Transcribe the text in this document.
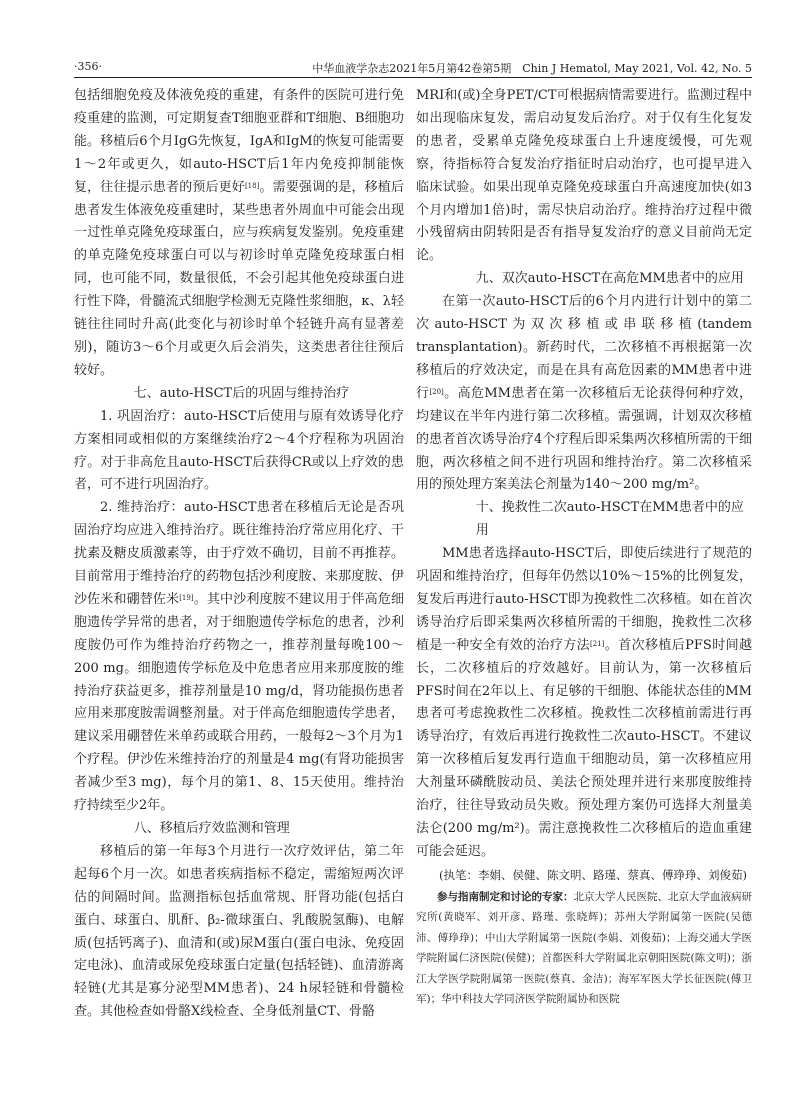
·356·	中华血液学杂志2021年5月第42卷第5期　Chin J Hematol, May 2021, Vol. 42, No. 5

包括细胞免疫及体液免疫的重建，有条件的医院可进行免疫重建的监测，可定期复查T细胞亚群和T细胞、B细胞功能。移植后6个月IgG先恢复，IgA和IgM的恢复可能需要1～2年或更久，如auto-HSCT后1年内免疫抑制能恢复，往往提示患者的预后更好[18]。需要强调的是，移植后患者发生体液免疫重建时，某些患者外周血中可能会出现一过性单克隆免疫球蛋白，应与疾病复发鉴别。免疫重建的单克隆免疫球蛋白可以与初诊时单克隆免疫球蛋白相同，也可能不同，数量很低，不会引起其他免疫球蛋白进行性下降，骨髓流式细胞学检测无克隆性浆细胞，κ、λ轻链往往同时升高(此变化与初诊时单个轻链升高有显著差别)，随访3～6个月或更久后会消失，这类患者往往预后较好。

七、auto-HSCT后的巩固与维持治疗

1. 巩固治疗：auto-HSCT后使用与原有效诱导化疗方案相同或相似的方案继续治疗2～4个疗程称为巩固治疗。对于非高危且auto-HSCT后获得CR或以上疗效的患者，可不进行巩固治疗。

2. 维持治疗：auto-HSCT患者在移植后无论是否巩固治疗均应进入维持治疗。既往维持治疗常应用化疗、干扰素及糖皮质激素等，由于疗效不确切，目前不再推荐。目前常用于维持治疗的药物包括沙利度胺、来那度胺、伊沙佐米和硼替佐米[19]。其中沙利度胺不建议用于伴高危细胞遗传学异常的患者，对于细胞遗传学标危的患者，沙利度胺仍可作为维持治疗药物之一，推荐剂量每晚100～200 mg。细胞遗传学标危及中危患者应用来那度胺的维持治疗获益更多，推荐剂量是10 mg/d，肾功能损伤患者应用来那度胺需调整剂量。对于伴高危细胞遗传学患者，建议采用硼替佐米单药或联合用药，一般每2～3个月为1个疗程。伊沙佐米维持治疗的剂量是4 mg(有肾功能损害者减少至3 mg)，每个月的第1、8、15天使用。维持治疗持续至少2年。

八、移植后疗效监测和管理

移植后的第一年每3个月进行一次疗效评估，第二年起每6个月一次。如患者疾病指标不稳定，需缩短两次评估的间隔时间。监测指标包括血常规、肝肾功能(包括白蛋白、球蛋白、肌酐、β₂-微球蛋白、乳酸脱氢酶)、电解质(包括钙离子)、血清和(或)尿M蛋白(蛋白电泳、免疫固定电泳)、血清或尿免疫球蛋白定量(包括轻链)、血清游离轻链(尤其是寡分泌型MM患者)、24 h尿轻链和骨髓检查。其他检查如骨骼X线检查、全身低剂量CT、骨骼

MRI和(或)全身PET/CT可根据病情需要进行。监测过程中如出现临床复发，需启动复发后治疗。对于仅有生化复发的患者，受累单克隆免疫球蛋白上升速度缓慢，可先观察，待指标符合复发治疗指征时启动治疗，也可提早进入临床试验。如果出现单克隆免疫球蛋白升高速度加快(如3个月内增加1倍)时，需尽快启动治疗。维持治疗过程中微小残留病由阴转阳是否有指导复发治疗的意义目前尚无定论。

九、双次auto-HSCT在高危MM患者中的应用

在第一次auto-HSCT后的6个月内进行计划中的第二次auto-HSCT为双次移植或串联移植(tandem transplantation)。新药时代，二次移植不再根据第一次移植后的疗效决定，而是在具有高危因素的MM患者中进行[20]。高危MM患者在第一次移植后无论获得何种疗效，均建议在半年内进行第二次移植。需强调，计划双次移植的患者首次诱导治疗4个疗程后即采集两次移植所需的干细胞，两次移植之间不进行巩固和维持治疗。第二次移植采用的预处理方案美法仑剂量为140～200 mg/m²。

十、挽救性二次auto-HSCT在MM患者中的应用

MM患者选择auto-HSCT后，即使后续进行了规范的巩固和维持治疗，但每年仍然以10%～15%的比例复发，复发后再进行auto-HSCT即为挽救性二次移植。如在首次诱导治疗后即采集两次移植所需的干细胞，挽救性二次移植是一种安全有效的治疗方法[21]。首次移植后PFS时间越长，二次移植后的疗效越好。目前认为，第一次移植后PFS时间在2年以上、有足够的干细胞、体能状态佳的MM患者可考虑挽救性二次移植。挽救性二次移植前需进行再诱导治疗，有效后再进行挽救性二次auto-HSCT。不建议第一次移植后复发再行造血干细胞动员，第一次移植应用大剂量环磷酰胺动员、美法仑预处理并进行来那度胺维持治疗，往往导致动员失败。预处理方案仍可选择大剂量美法仑(200 mg/m²)。需注意挽救性二次移植后的造血重建可能会延迟。

(执笔：李娟、侯健、陈文明、路瑾、蔡真、傅琤琤、刘俊茹)

参与指南制定和讨论的专家：北京大学人民医院、北京大学血液病研究所(黄晓军、刘开彦、路瑾、张晓辉)；苏州大学附属第一医院(吴德沛、傅琤琤)；中山大学附属第一医院(李娟、刘俊茹)；上海交通大学医学院附属仁济医院(侯健)；首都医科大学附属北京朝阳医院(陈文明)；浙江大学医学院附属第一医院(蔡真、金洁)；海军军医大学长征医院(傅卫军)；华中科技大学同济医学院附属协和医院
